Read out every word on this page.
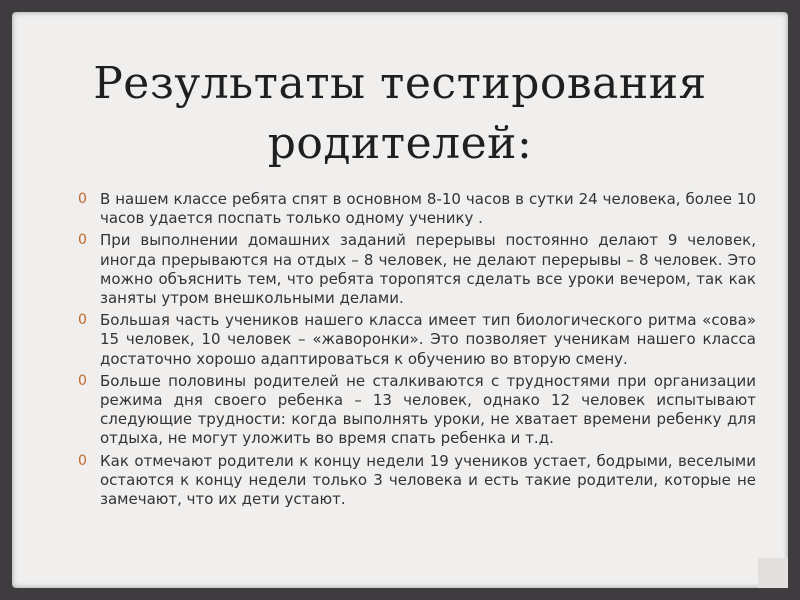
Результаты тестирования родителей:

0 В нашем классе ребята спят в основном 8-10 часов в сутки 24 человека, более 10 часов удается поспать только одному ученику .

0 При выполнении домашних заданий перерывы постоянно делают 9 человек, иногда прерываются на отдых – 8 человек, не делают перерывы – 8 человек. Это можно объяснить тем, что ребята торопятся сделать все уроки вечером, так как заняты утром внешкольными делами.

0 Большая часть учеников нашего класса имеет тип биологического ритма «сова» 15 человек, 10 человек – «жаворонки». Это позволяет ученикам нашего класса достаточно хорошо адаптироваться к обучению во вторую смену.

0 Больше половины родителей не сталкиваются с трудностями при организации режима дня своего ребенка – 13 человек, однако 12 человек испытывают следующие трудности: когда выполнять уроки, не хватает времени ребенку для отдыха, не могут уложить во время спать ребенка и т.д.

0 Как отмечают родители к концу недели 19 учеников устает, бодрыми, веселыми остаются к концу недели только 3 человека и есть такие родители, которые не замечают, что их дети устают.
